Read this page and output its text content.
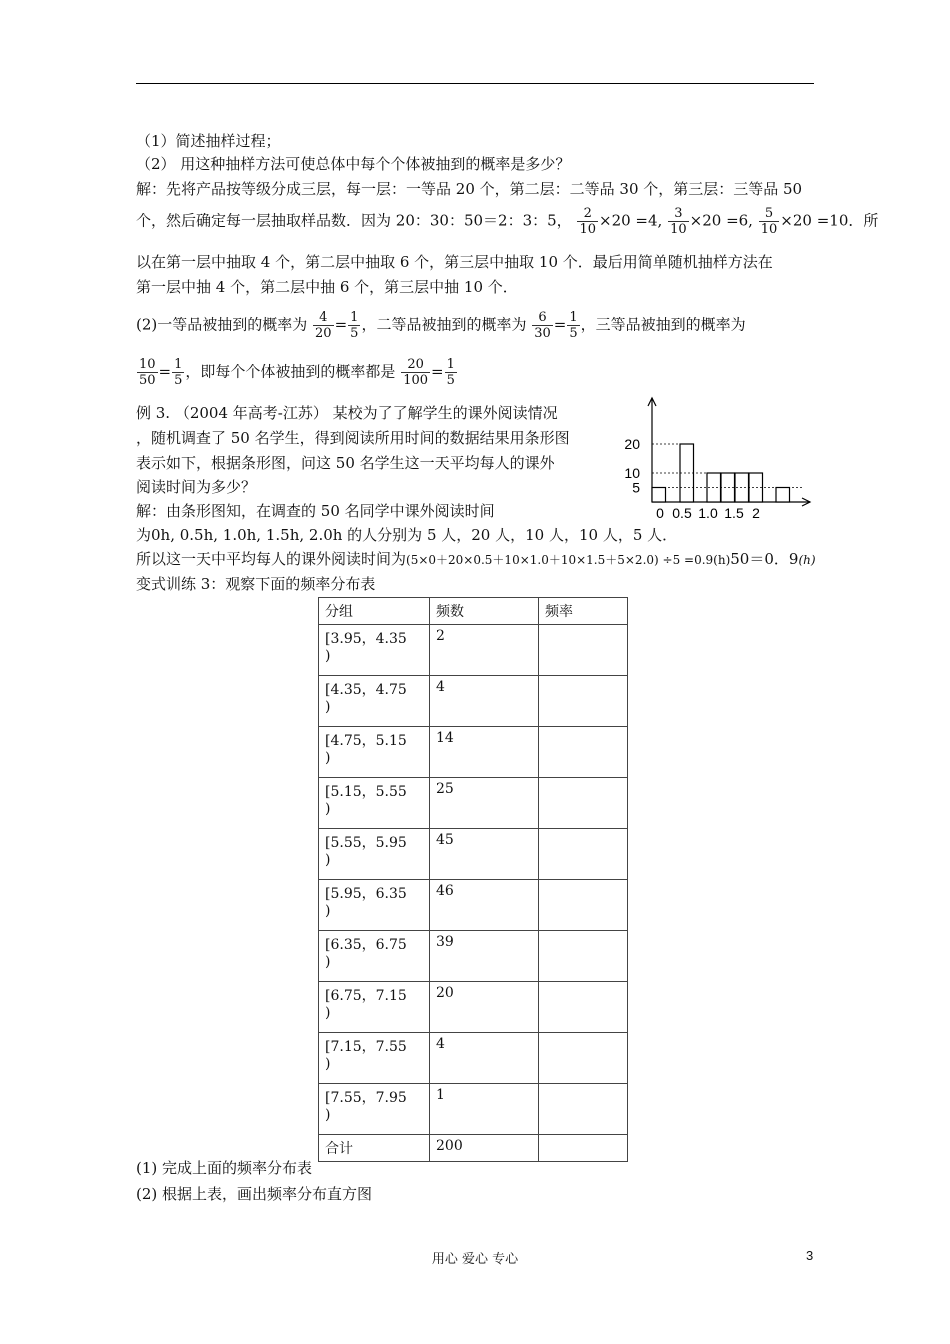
（1）简述抽样过程；
（2） 用这种抽样方法可使总体中每个个体被抽到的概率是多少？
解：先将产品按等级分成三层，每一层：一等品 20 个，第二层：二等品 30 个，第三层：三等品 50
个，然后确定每一层抽取样品数．因为 20：30：50＝2：3：5， $\frac{2}{10} \times 20 =4$, $\frac{3}{10} \times 20 =6$, $\frac{5}{10} \times 20 =10$．所
以在第一层中抽取 4 个，第二层中抽取 6 个，第三层中抽取 10 个．最后用简单随机抽样方法在
第一层中抽 4 个，第二层中抽 6 个，第三层中抽 10 个．
(2)一等品被抽到的概率为 $\frac{4}{20} = \frac{1}{5}$ ，二等品被抽到的概率为 $\frac{6}{30} = \frac{1}{5}$ ，三等品被抽到的概率为
$\frac{10}{50} = \frac{1}{5}$ ，即每个个体被抽到的概率都是 $\frac{20}{100} = \frac{1}{5}$
例 3. （2004 年高考-江苏） 某校为了了解学生的课外阅读情况
，随机调查了 50 名学生，得到阅读所用时间的数据结果用条形图
表示如下，根据条形图，问这 50 名学生这一天平均每人的课外
阅读时间为多少？
解：由条形图知，在调查的 50 名同学中课外阅读时间
为0h, 0.5h, 1.0h, 1.5h, 2.0h 的人分别为 5 人，20 人，10 人，10 人，5 人．
所以这一天中平均每人的课外阅读时间为(5×0＋20×0.5＋10×1.0＋10×1.5＋5×2.0) ÷5 =0.9(h)50＝0．9(h)
变式训练 3：观察下面的频率分布表
5
10
20
0 0.5 1.0 1.5 2
分组	频数	频率

[3.95，4.35
)	2	

[4.35，4.75
)	4	

[4.75，5.15
)	14	

[5.15，5.55
)	25	

[5.55，5.95
)	45	

[5.95，6.35
)	46	

[6.35，6.75
)	39	

[6.75，7.15
)	20	

[7.15，7.55
)	4	

[7.55，7.95
)	1	
合计	200	
(1) 完成上面的频率分布表
(2) 根据上表，画出频率分布直方图
用心 爱心 专心	3
